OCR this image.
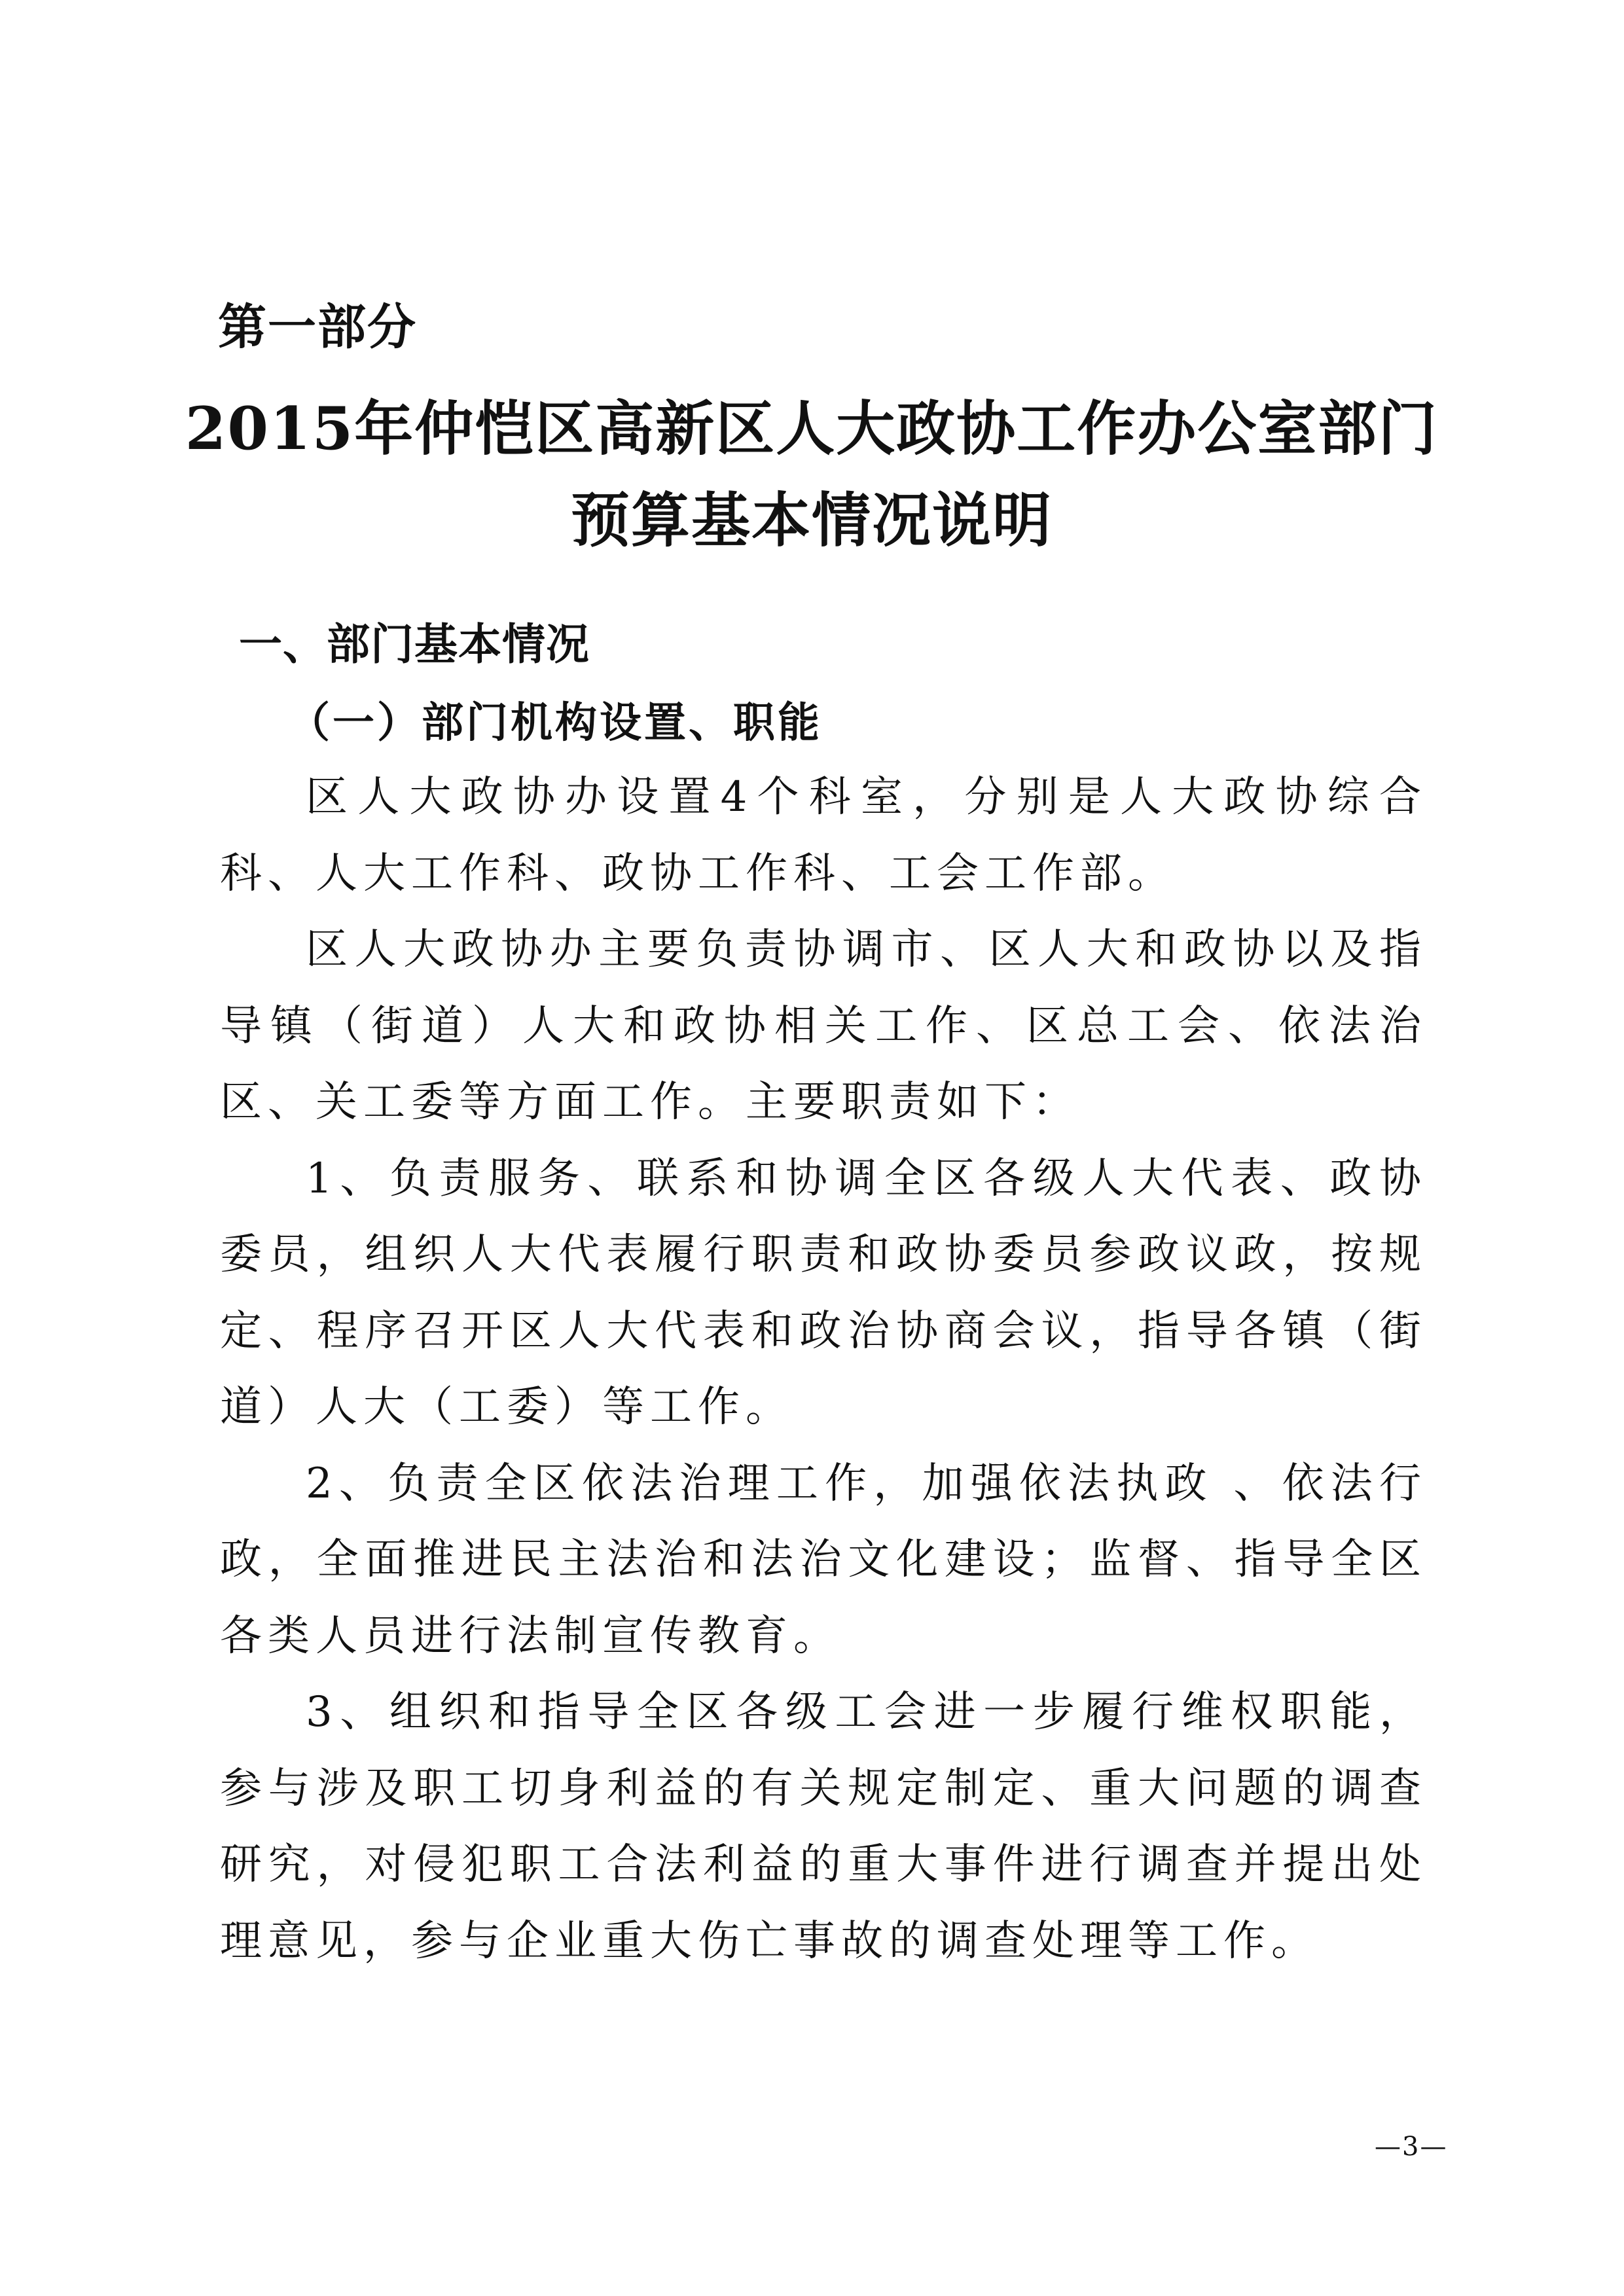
第一部分
2015年仲恺区高新区人大政协工作办公室部门
预算基本情况说明
一、部门基本情况
（一）部门机构设置、职能

区人大政协办设置4个科室，分别是人大政协综合科、人大工作科、政协工作科、工会工作部。

区人大政协办主要负责协调市、区人大和政协以及指导镇（街道）人大和政协相关工作、区总工会、依法治区、关工委等方面工作。主要职责如下：

1、负责服务、联系和协调全区各级人大代表、政协委员，组织人大代表履行职责和政协委员参政议政，按规定、程序召开区人大代表和政治协商会议，指导各镇（街道）人大（工委）等工作。

2、负责全区依法治理工作，加强依法执政 、依法行政，全面推进民主法治和法治文化建设；监督、指导全区各类人员进行法制宣传教育。

3、组织和指导全区各级工会进一步履行维权职能，参与涉及职工切身利益的有关规定制定、重大问题的调查研究，对侵犯职工合法利益的重大事件进行调查并提出处理意见，参与企业重大伤亡事故的调查处理等工作。

—3—
